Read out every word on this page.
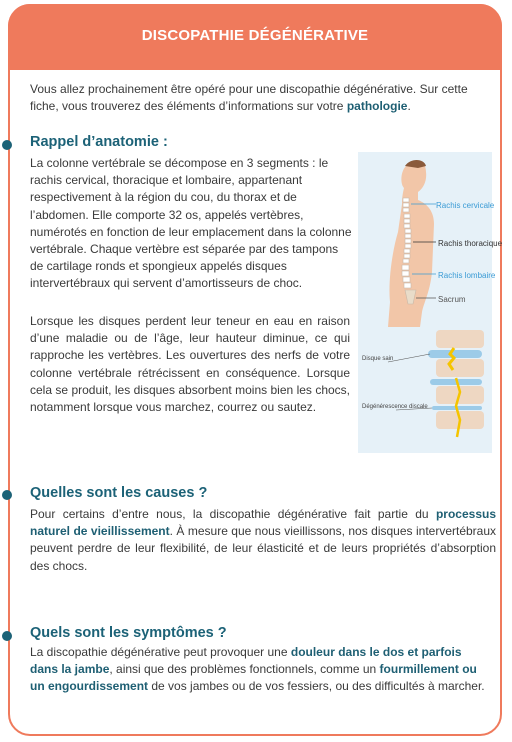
DISCOPATHIE DÉGÉNÉRATIVE
Vous allez prochainement être opéré pour une discopathie dégénérative. Sur cette fiche, vous trouverez des éléments d’informations sur votre pathologie.
Rappel d’anatomie :
La colonne vertébrale se décompose en 3 segments : le rachis cervical, thoracique et lombaire, appartenant respectivement à la région du cou, du thorax et de l’abdomen. Elle comporte 32 os, appelés vertèbres, numérotés en fonction de leur emplacement dans la colonne vertébrale. Chaque vertèbre est séparée par des tampons de cartilage ronds et spongieux appelés disques intervertébraux qui servent d’amortisseurs de choc.
Lorsque les disques perdent leur teneur en eau en raison d’une maladie ou de l’âge, leur hauteur diminue, ce qui rapproche les vertèbres. Les ouvertures des nerfs de votre colonne vertébrale rétrécissent en conséquence. Lorsque cela se produit, les disques absorbent moins bien les chocs, notamment lorsque vous marchez, courrez ou sautez.
Rachis cervicale
Rachis thoracique
Rachis lombaire
Sacrum
Disque sain
Dégénérescence discale
Quelles sont les causes ?
Pour certains d’entre nous, la discopathie dégénérative fait partie du processus naturel de vieillissement. À mesure que nous vieillissons, nos disques intervertébraux peuvent perdre de leur flexibilité, de leur élasticité et de leurs propriétés d’absorption des chocs.
Quels sont les symptômes ?
La discopathie dégénérative peut provoquer une douleur dans le dos et parfois dans la jambe, ainsi que des problèmes fonctionnels, comme un fourmillement ou un engourdissement de vos jambes ou de vos fessiers, ou des difficultés à marcher.
